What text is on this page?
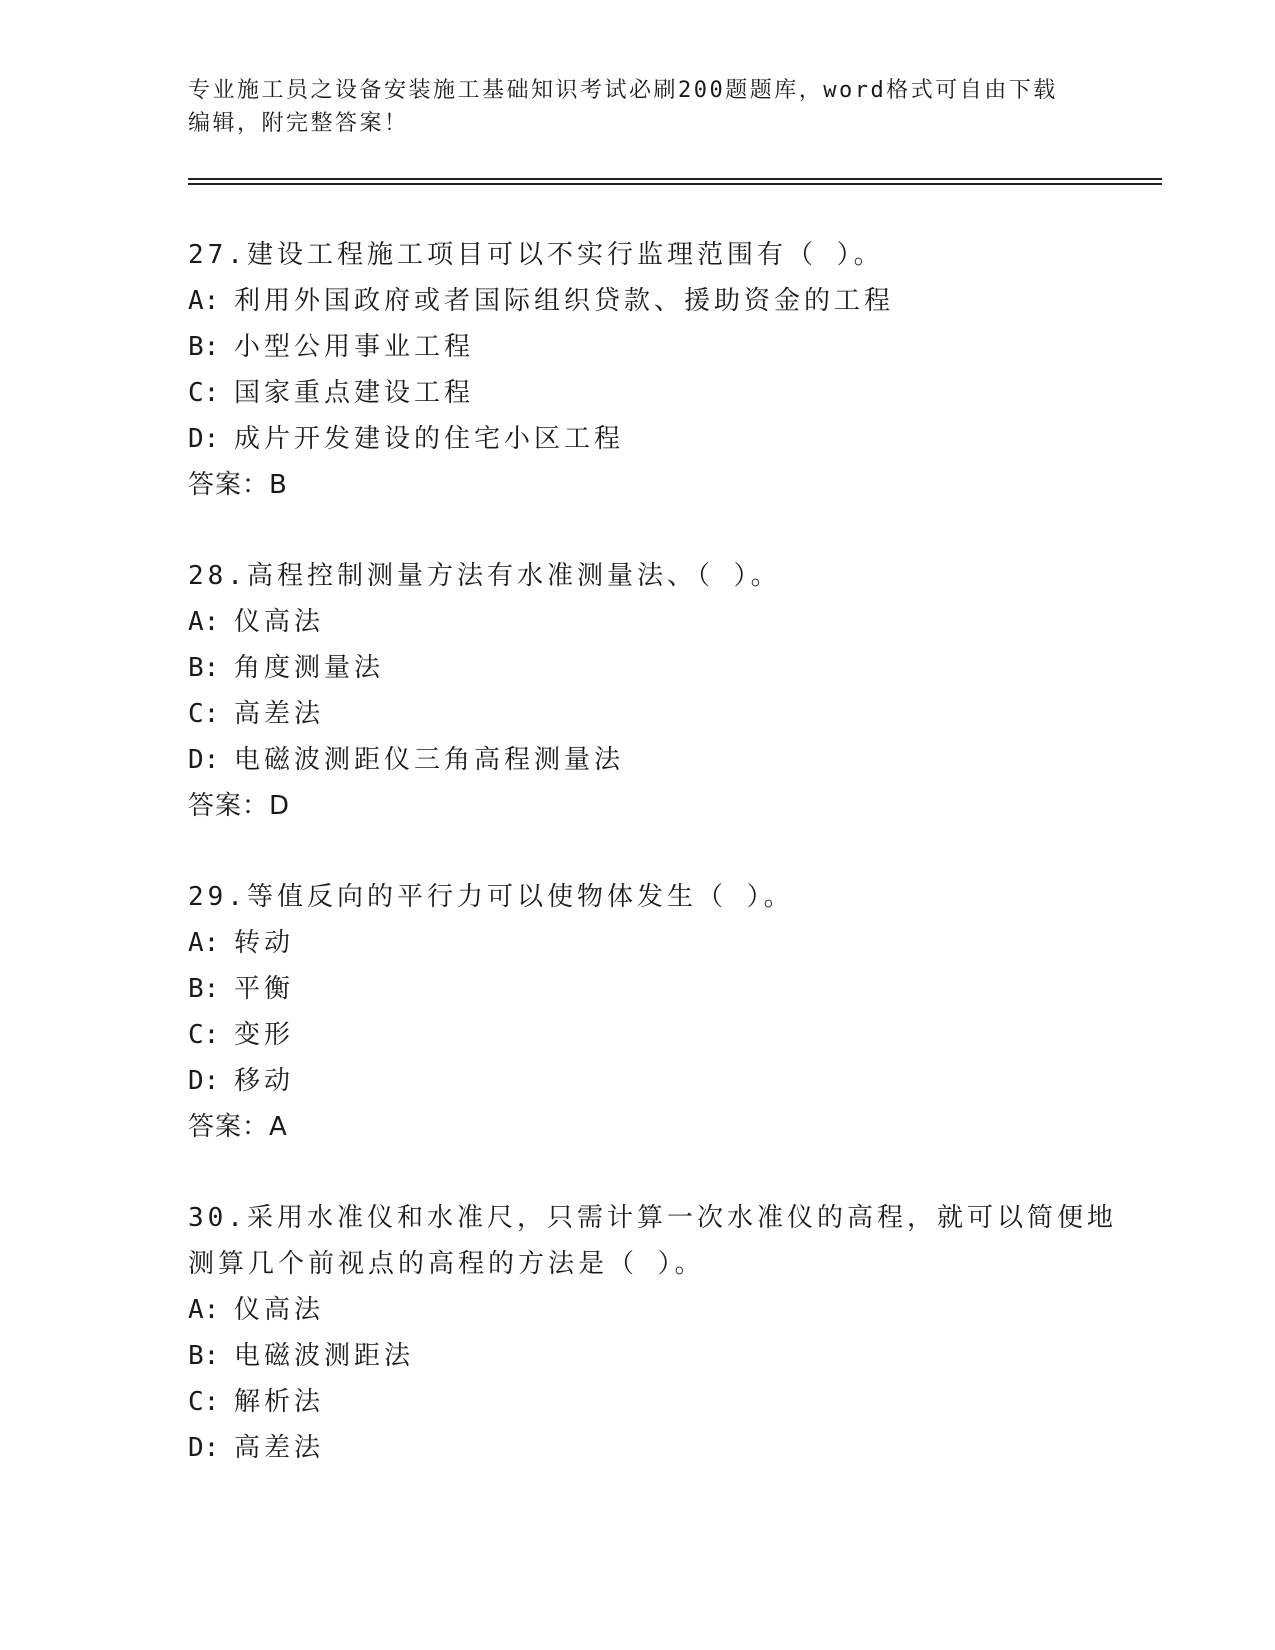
专业施工员之设备安装施工基础知识考试必刷200题题库，word格式可自由下载
编辑，附完整答案！
27.建设工程施工项目可以不实行监理范围有（ ）。
A: 利用外国政府或者国际组织贷款、援助资金的工程
B: 小型公用事业工程
C: 国家重点建设工程
D: 成片开发建设的住宅小区工程
答案：B
28.高程控制测量方法有水准测量法、（ ）。
A: 仪高法
B: 角度测量法
C: 高差法
D: 电磁波测距仪三角高程测量法
答案：D
29.等值反向的平行力可以使物体发生（ ）。
A: 转动
B: 平衡
C: 变形
D: 移动
答案：A
30.采用水准仪和水准尺，只需计算一次水准仪的高程，就可以简便地
测算几个前视点的高程的方法是（ ）。
A: 仪高法
B: 电磁波测距法
C: 解析法
D: 高差法
